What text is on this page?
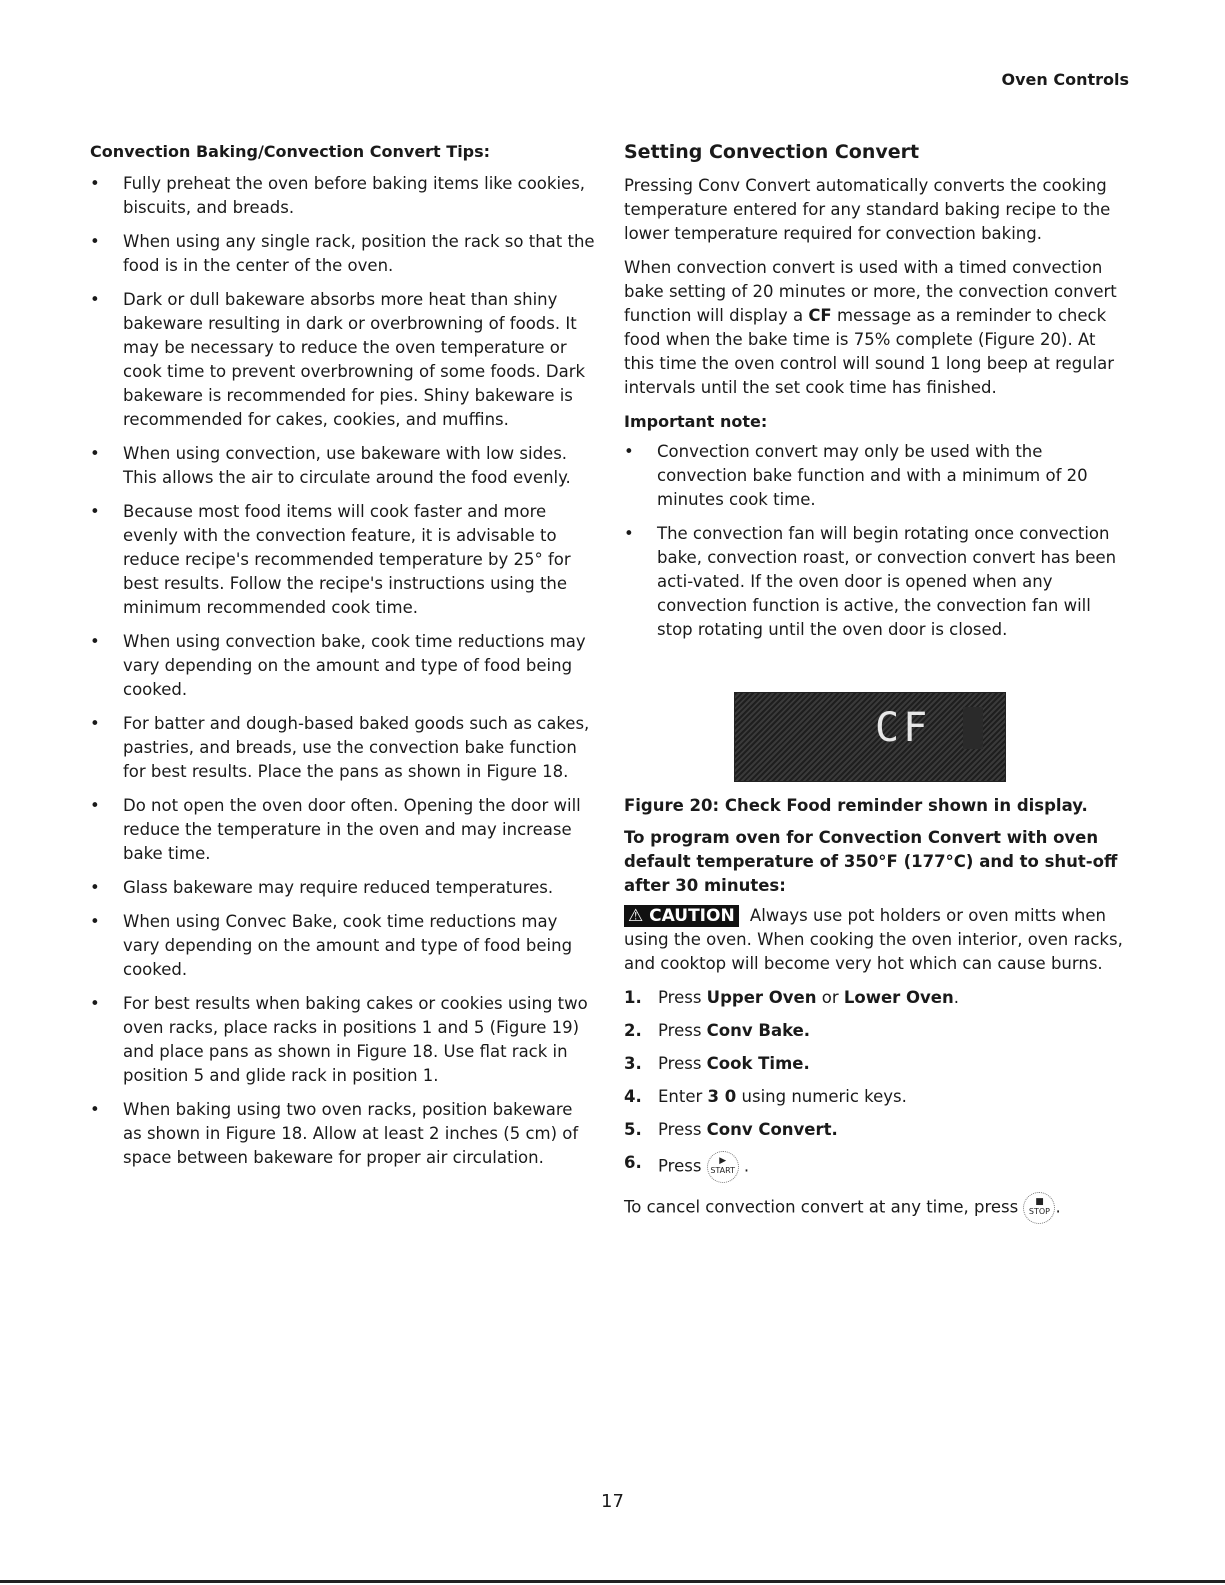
Oven Controls
Convection Baking/Convection Convert Tips:
• Fully preheat the oven before baking items like cookies, biscuits, and breads.
• When using any single rack, position the rack so that the food is in the center of the oven.
• Dark or dull bakeware absorbs more heat than shiny bakeware resulting in dark or overbrowning of foods. It may be necessary to reduce the oven temperature or cook time to prevent overbrowning of some foods. Dark bakeware is recommended for pies. Shiny bakeware is recommended for cakes, cookies, and muffins.
• When using convection, use bakeware with low sides. This allows the air to circulate around the food evenly.
• Because most food items will cook faster and more evenly with the convection feature, it is advisable to reduce recipe's recommended temperature by 25° for best results. Follow the recipe's instructions using the minimum recommended cook time.
• When using convection bake, cook time reductions may vary depending on the amount and type of food being cooked.
• For batter and dough-based baked goods such as cakes, pastries, and breads, use the convection bake function for best results. Place the pans as shown in Figure 18.
• Do not open the oven door often. Opening the door will reduce the temperature in the oven and may increase bake time.
• Glass bakeware may require reduced temperatures.
• When using Convec Bake, cook time reductions may vary depending on the amount and type of food being cooked.
• For best results when baking cakes or cookies using two oven racks, place racks in positions 1 and 5 (Figure 19) and place pans as shown in Figure 18. Use flat rack in position 5 and glide rack in position 1.
• When baking using two oven racks, position bakeware as shown in Figure 18. Allow at least 2 inches (5 cm) of space between bakeware for proper air circulation.
Setting Convection Convert

Pressing Conv Convert automatically converts the cooking temperature entered for any standard baking recipe to the lower temperature required for convection baking.

When convection convert is used with a timed convection bake setting of 20 minutes or more, the convection convert function will display a CF message as a reminder to check food when the bake time is 75% complete (Figure 20). At this time the oven control will sound 1 long beep at regular intervals until the set cook time has finished.

Important note:
• Convection convert may only be used with the convection bake function and with a minimum of 20 minutes cook time.
• The convection fan will begin rotating once convection bake, convection roast, or convection convert has been acti-vated. If the oven door is opened when any convection function is active, the convection fan will stop rotating until the oven door is closed.
CF
Figure 20: Check Food reminder shown in display.
To program oven for Convection Convert with oven default temperature of 350°F (177°C) and to shut-off after 30 minutes:

⚠ CAUTION Always use pot holders or oven mitts when using the oven. When cooking the oven interior, oven racks, and cooktop will become very hot which can cause burns.

1. Press Upper Oven or Lower Oven.
2. Press Conv Bake.
3. Press Cook Time.
4. Enter 3 0 using numeric keys.
5. Press Conv Convert.
6. Press	▶
START .

To cancel convection convert at any time, press	■
STOP .

17
